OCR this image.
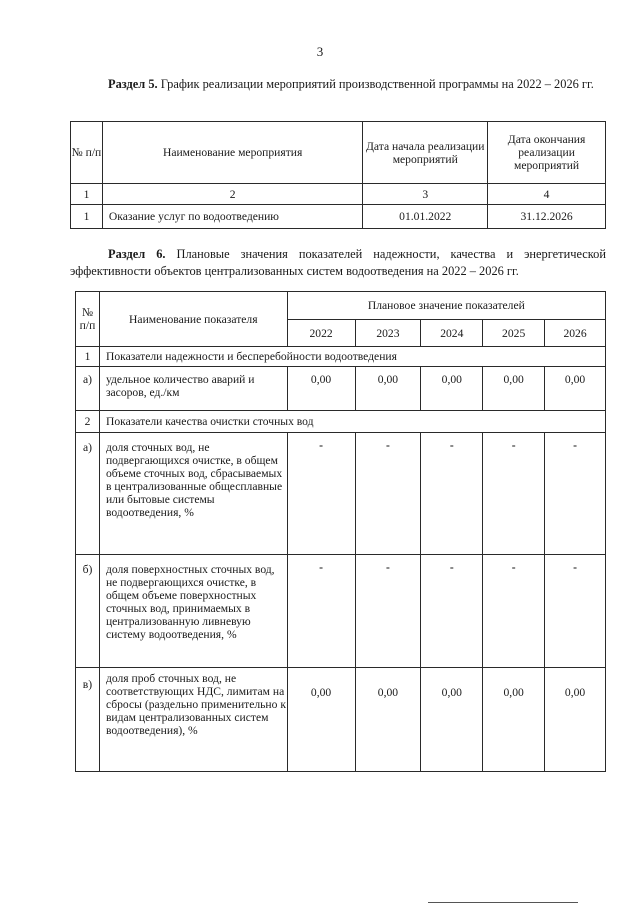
3
Раздел 5. График реализации мероприятий производственной программы на 2022 – 2026 гг.
№ п/п	Наименование мероприятия	Дата начала реализации мероприятий	Дата окончания реализации мероприятий
1	2	3	4
1	Оказание услуг по водоотведению	01.01.2022	31.12.2026
Раздел 6. Плановые значения показателей надежности, качества и энергетической эффективности объектов централизованных систем водоотведения на 2022 – 2026 гг.
№ п/п	Наименование показателя	Плановое значение показателей				
		2022	2023	2024	2025	2026
1	Показатели надежности и бесперебойности водоотведения					
а)	удельное количество аварий и засоров, ед./км	0,00	0,00	0,00	0,00	0,00

2	Показатели качества очистки сточных вод					
а)	доля сточных вод, не подвергающихся очистке, в общем объеме сточных вод, сбрасываемых в централизованные общесплавные или бытовые системы водоотведения, %	-	-	-	-	-

б)	доля поверхностных сточных вод, не подвергающихся очистке, в общем объеме поверхностных сточных вод, принимаемых в централизованную ливневую систему водоотведения, %	-	-	-	-	-

в)	доля проб сточных вод, не соответствующих НДС, лимитам на сбросы (раздельно применительно к видам централизованных систем водоотведения), %	0,00	0,00	0,00	0,00	0,00
